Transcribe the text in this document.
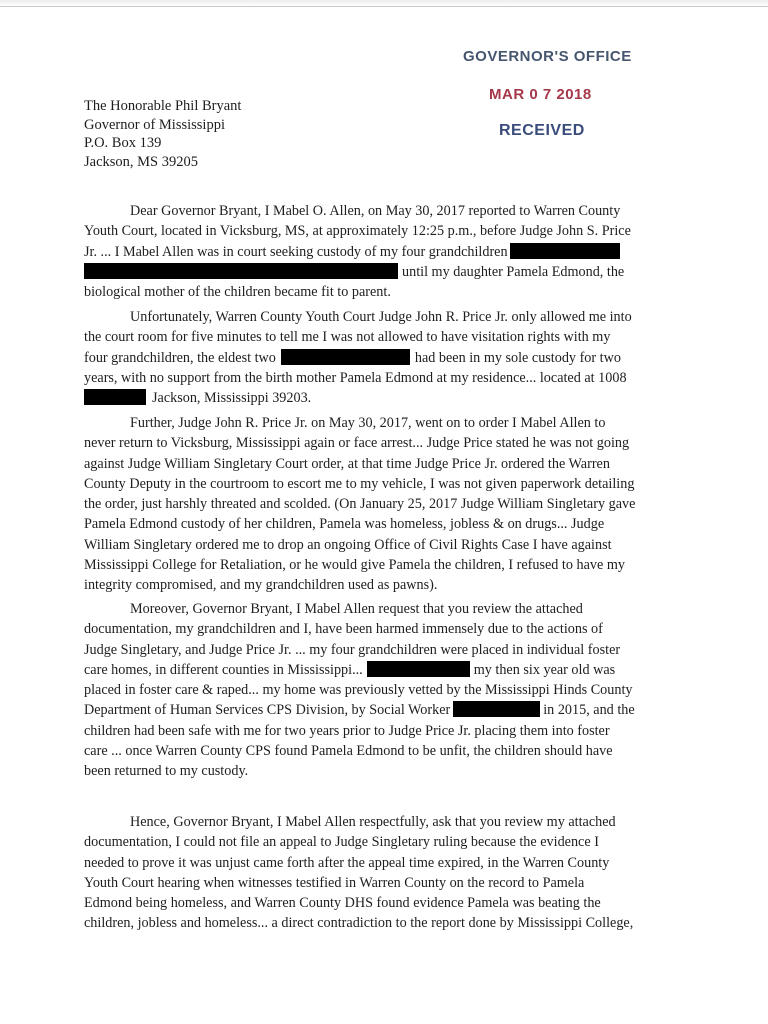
GOVERNOR'S OFFICE
MAR 0 7 2018
RECEIVED
The Honorable Phil Bryant
Governor of Mississippi
P.O. Box 139
Jackson, MS 39205
Dear Governor Bryant, I Mabel O. Allen, on May 30, 2017 reported to Warren County
Youth Court, located in Vicksburg, MS, at approximately 12:25 p.m., before Judge John S. Price
Jr. ... I Mabel Allen was in court seeking custody of my four grandchildren
until my daughter Pamela Edmond, the
biological mother of the children became fit to parent.
Unfortunately, Warren County Youth Court Judge John R. Price Jr. only allowed me into
the court room for five minutes to tell me I was not allowed to have visitation rights with my
four grandchildren, the eldest two	had been in my sole custody for two
years, with no support from the birth mother Pamela Edmond at my residence... located at 1008
Jackson, Mississippi 39203.
Further, Judge John R. Price Jr. on May 30, 2017, went on to order I Mabel Allen to
never return to Vicksburg, Mississippi again or face arrest... Judge Price stated he was not going
against Judge William Singletary Court order, at that time Judge Price Jr. ordered the Warren
County Deputy in the courtroom to escort me to my vehicle, I was not given paperwork detailing
the order, just harshly threated and scolded. (On January 25, 2017 Judge William Singletary gave
Pamela Edmond custody of her children, Pamela was homeless, jobless & on drugs... Judge
William Singletary ordered me to drop an ongoing Office of Civil Rights Case I have against
Mississippi College for Retaliation, or he would give Pamela the children, I refused to have my
integrity compromised, and my grandchildren used as pawns).
Moreover, Governor Bryant, I Mabel Allen request that you review the attached
documentation, my grandchildren and I, have been harmed immensely due to the actions of
Judge Singletary, and Judge Price Jr. ... my four grandchildren were placed in individual foster
care homes, in different counties in Mississippi...	my then six year old was
placed in foster care & raped... my home was previously vetted by the Mississippi Hinds County
Department of Human Services CPS Division, by Social Worker	in 2015, and the
children had been safe with me for two years prior to Judge Price Jr. placing them into foster
care ... once Warren County CPS found Pamela Edmond to be unfit, the children should have
been returned to my custody.
Hence, Governor Bryant, I Mabel Allen respectfully, ask that you review my attached
documentation, I could not file an appeal to Judge Singletary ruling because the evidence I
needed to prove it was unjust came forth after the appeal time expired, in the Warren County
Youth Court hearing when witnesses testified in Warren County on the record to Pamela
Edmond being homeless, and Warren County DHS found evidence Pamela was beating the
children, jobless and homeless... a direct contradiction to the report done by Mississippi College,
